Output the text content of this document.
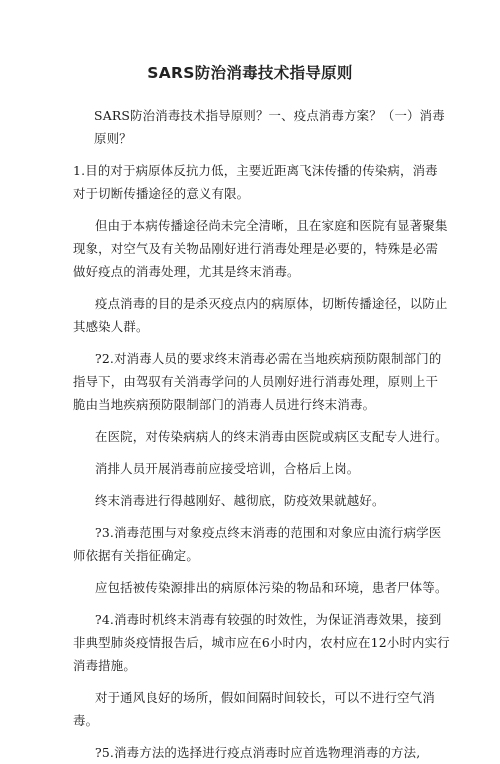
SARS防治消毒技术指导原则

SARS防治消毒技术指导原则？一、疫点消毒方案？（一）消毒原则？

1.目的对于病原体反抗力低，主要近距离飞沫传播的传染病，消毒对于切断传播途径的意义有限。

但由于本病传播途径尚未完全清晰，且在家庭和医院有显著聚集现象，对空气及有关物品刚好进行消毒处理是必要的，特殊是必需做好疫点的消毒处理，尤其是终末消毒。

疫点消毒的目的是杀灭疫点内的病原体，切断传播途径，以防止其感染人群。

?2.对消毒人员的要求终末消毒必需在当地疾病预防限制部门的指导下，由驾驭有关消毒学问的人员刚好进行消毒处理，原则上干脆由当地疾病预防限制部门的消毒人员进行终末消毒。

在医院，对传染病病人的终末消毒由医院或病区支配专人进行。

消排人员开展消毒前应接受培训，合格后上岗。

终末消毒进行得越刚好、越彻底，防疫效果就越好。

?3.消毒范围与对象疫点终末消毒的范围和对象应由流行病学医师依据有关指征确定。

应包括被传染源排出的病原体污染的物品和环境，患者尸体等。

?4.消毒时机终末消毒有较强的时效性，为保证消毒效果，接到非典型肺炎疫情报告后，城市应在6小时内，农村应在12小时内实行消毒措施。

对于通风良好的场所，假如间隔时间较长，可以不进行空气消毒。

?5.消毒方法的选择进行疫点消毒时应首选物理消毒的方法,
